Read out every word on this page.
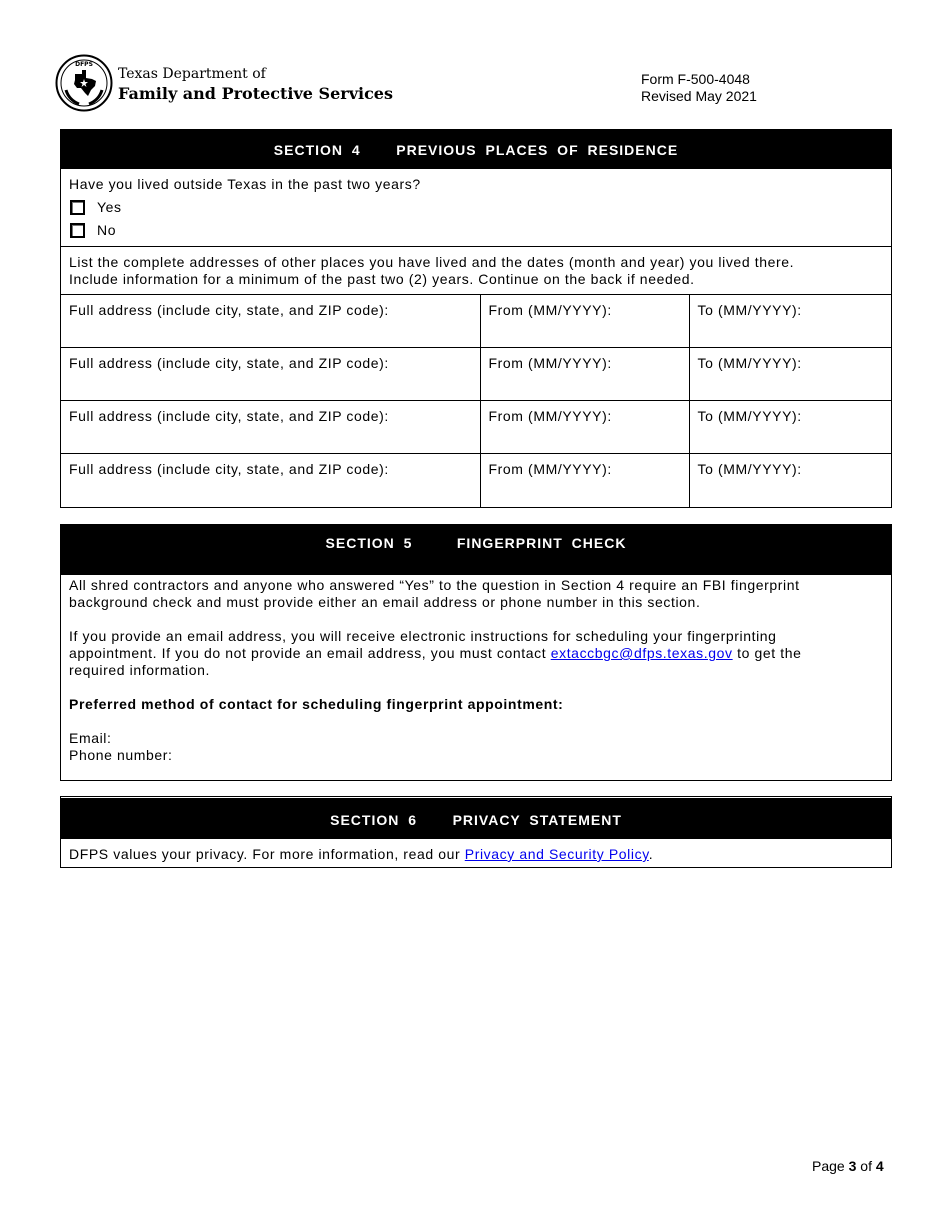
DFPS
Texas Department of
Family and Protective Services
Form F-500-4048
Revised May 2021
SECTION 4    PREVIOUS PLACES OF RESIDENCE
Have you lived outside Texas in the past two years?
Yes
No
List the complete addresses of other places you have lived and the dates (month and year) you lived there.
Include information for a minimum of the past two (2) years. Continue on the back if needed.
Full address (include city, state, and ZIP code):	From (MM/YYYY):	To (MM/YYYY):
Full address (include city, state, and ZIP code):	From (MM/YYYY):	To (MM/YYYY):
Full address (include city, state, and ZIP code):	From (MM/YYYY):	To (MM/YYYY):
Full address (include city, state, and ZIP code):	From (MM/YYYY):	To (MM/YYYY):
SECTION 5     FINGERPRINT CHECK
All shred contractors and anyone who answered “Yes” to the question in Section 4 require an FBI fingerprint
background check and must provide either an email address or phone number in this section.
If you provide an email address, you will receive electronic instructions for scheduling your fingerprinting
appointment. If you do not provide an email address, you must contact extaccbgc@dfps.texas.gov to get the
required information.
Preferred method of contact for scheduling fingerprint appointment:
Email:
Phone number:
SECTION 6    PRIVACY STATEMENT
DFPS values your privacy. For more information, read our Privacy and Security Policy.
Page 3 of 4
